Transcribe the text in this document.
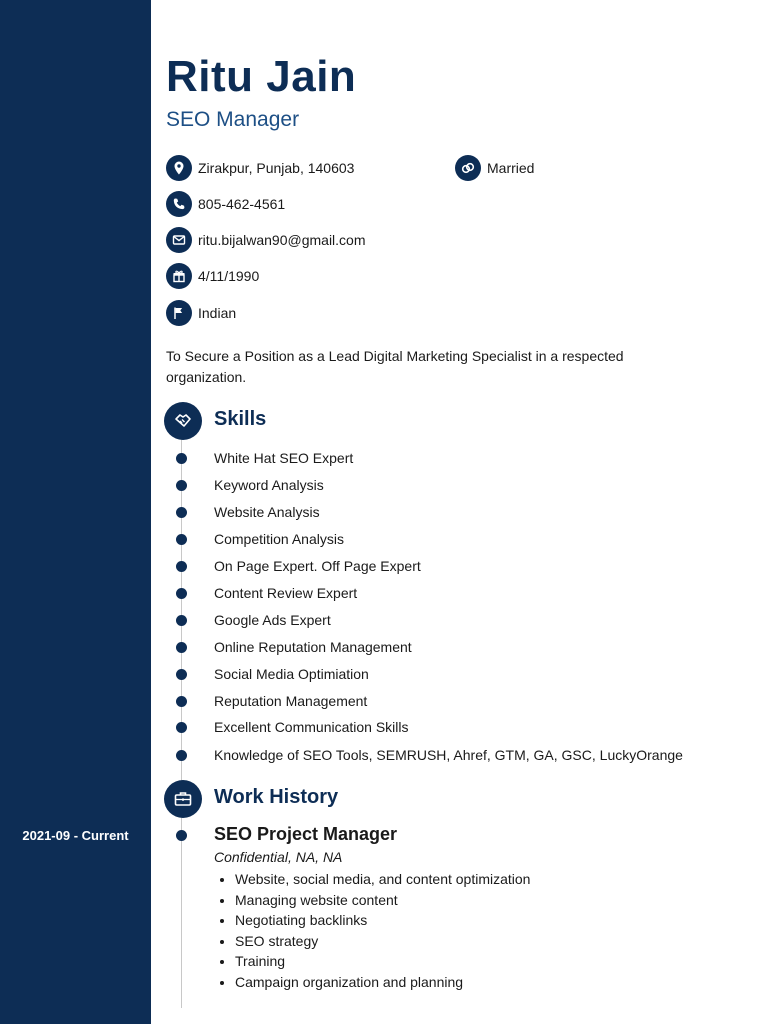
2021-09 - Current
Ritu Jain
SEO Manager
Zirakpur, Punjab, 140603	Married
805-462-4561
ritu.bijalwan90@gmail.com
4/11/1990
Indian
To Secure a Position as a Lead Digital Marketing Specialist in a respected organization.
Skills
White Hat SEO Expert
Keyword Analysis
Website Analysis
Competition Analysis
On Page Expert. Off Page Expert
Content Review Expert
Google Ads Expert
Online Reputation Management
Social Media Optimiation
Reputation Management
Excellent Communication Skills
Knowledge of SEO Tools, SEMRUSH, Ahref, GTM, GA, GSC, LuckyOrange
Work History
SEO Project Manager
Confidential, NA, NA
• Website, social media, and content optimization
• Managing website content
• Negotiating backlinks
• SEO strategy
• Training
• Campaign organization and planning
